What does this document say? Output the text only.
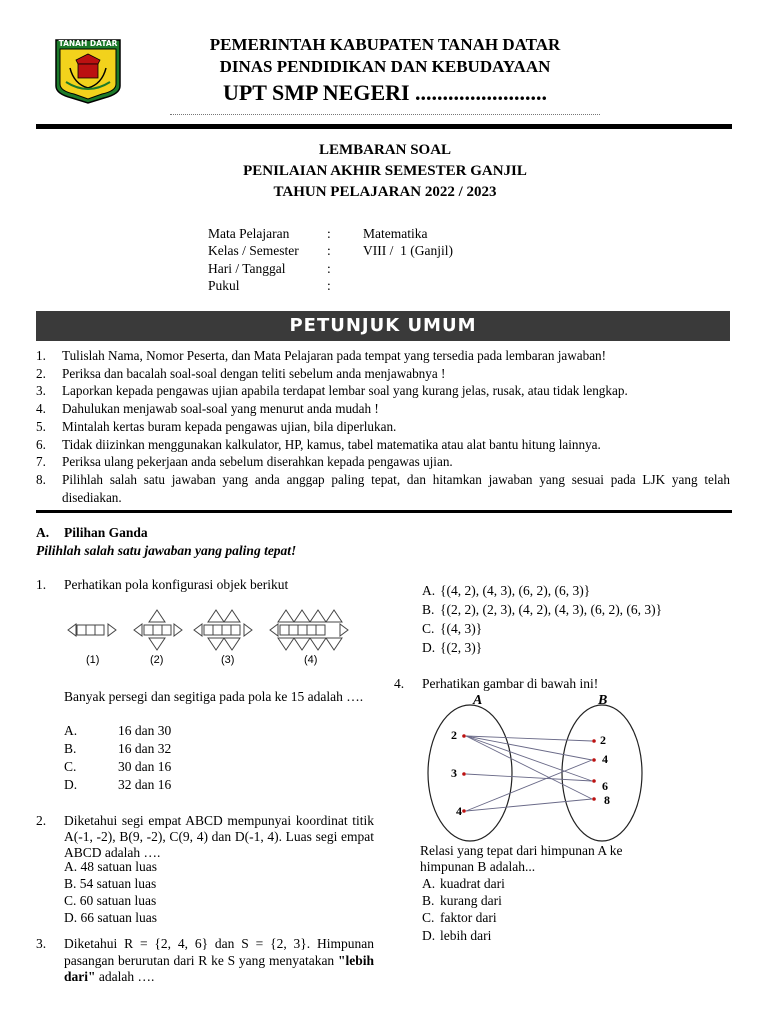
TANAH DATAR	PEMERINTAH KABUPATEN TANAH DATAR
DINAS PENDIDIKAN DAN KEBUDAYAAN
UPT SMP NEGERI ........................
LEMBARAN SOAL
PENILAIAN AKHIR SEMESTER GANJIL
TAHUN PELAJARAN 2022 / 2023
Mata Pelajaran	: Matematika
Kelas / Semester : VIII /  1 (Ganjil)
Hari / Tanggal	:
Pukul	:
PETUNJUK UMUM
1. Tulislah Nama, Nomor Peserta, dan Mata Pelajaran pada tempat yang tersedia pada lembaran jawaban!
2. Periksa dan bacalah soal-soal dengan teliti sebelum anda menjawabnya !
3. Laporkan kepada pengawas ujian apabila terdapat lembar soal yang kurang jelas, rusak, atau tidak lengkap.
4. Dahulukan menjawab soal-soal yang menurut anda mudah !
5. Mintalah kertas buram kepada pengawas ujian, bila diperlukan.
6. Tidak diizinkan menggunakan kalkulator, HP, kamus, tabel matematika atau alat bantu hitung lainnya.
7. Periksa ulang pekerjaan anda sebelum diserahkan kepada pengawas ujian.
8. Pilihlah salah satu jawaban yang anda anggap paling tepat, dan hitamkan jawaban yang sesuai pada LJK yang telah disediakan.
A. Pilihan Ganda
Pilihlah salah satu jawaban yang paling tepat!
1. Perhatikan pola konfigurasi objek berikut
(1)	(2)	(3)	(4)
Banyak persegi dan segitiga pada pola ke 15 adalah ….
A.	16 dan 30
B.	16 dan 32
C.	30 dan 16
D.	32 dan 16
2. Diketahui segi empat ABCD mempunyai koordinat titik A(-1, -2), B(9, -2), C(9, 4) dan D(-1, 4). Luas segi empat ABCD adalah ….
A. 48 satuan luas
B. 54 satuan luas
C. 60 satuan luas
D. 66 satuan luas
3. Diketahui R = {2, 4, 6} dan S = {2, 3}. Himpunan pasangan berurutan dari R ke S yang menyatakan "lebih dari" adalah ….
A. {(4, 2), (4, 3), (6, 2), (6, 3)}
B. {(2, 2), (2, 3), (4, 2), (4, 3), (6, 2), (6, 3)}
C. {(4, 3)}
D. {(2, 3)}
4. Perhatikan gambar di bawah ini!
A	B
2
3
4
2
4
6
8
Relasi yang tepat dari himpunan A ke himpunan B adalah...
A. kuadrat dari
B. kurang dari
C. faktor dari
D. lebih dari
